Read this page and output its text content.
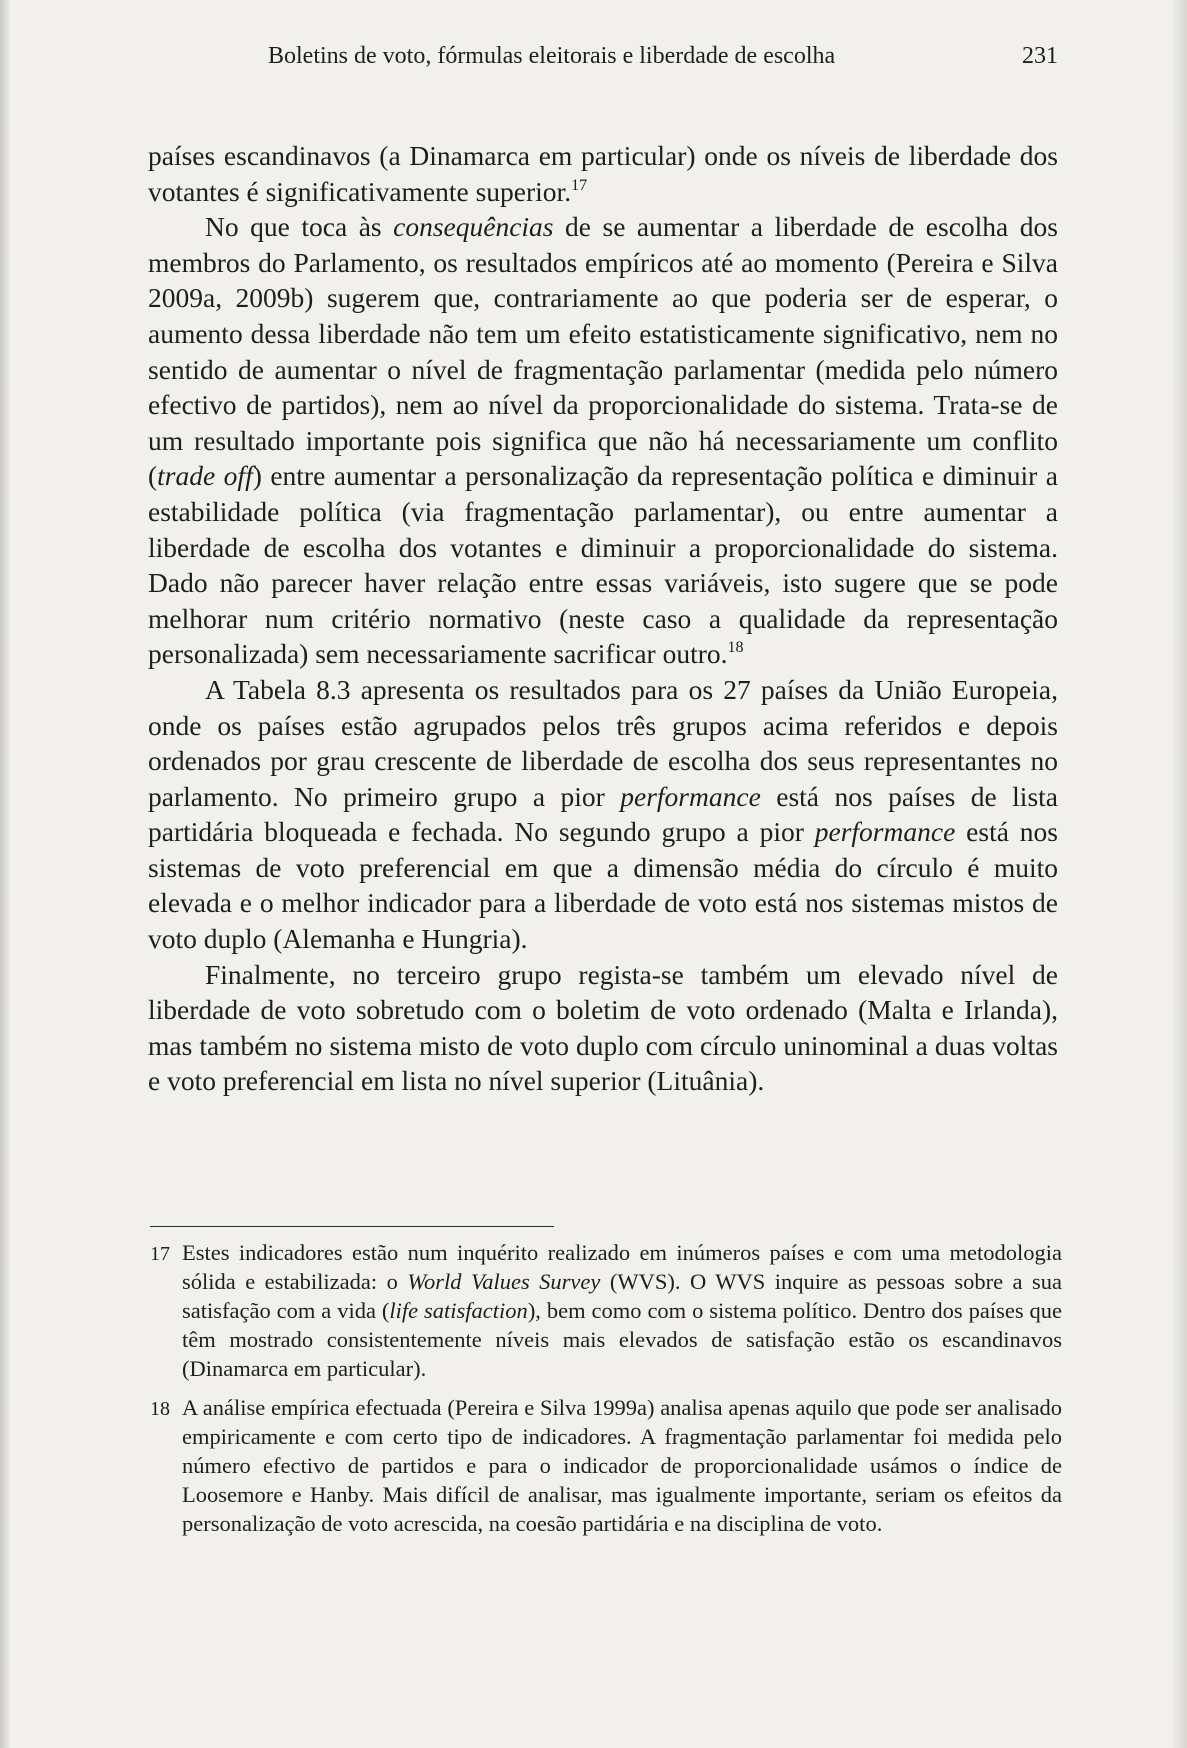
Boletins de voto, fórmulas eleitorais e liberdade de escolha	231

países escandinavos (a Dinamarca em particular) onde os níveis de liberdade dos votantes é significativamente superior.$^{17}$

No que toca às consequências de se aumentar a liberdade de escolha dos membros do Parlamento, os resultados empíricos até ao momento (Pereira e Silva 2009a, 2009b) sugerem que, contrariamente ao que poderia ser de esperar, o aumento dessa liberdade não tem um efeito estatisticamente significativo, nem no sentido de aumentar o nível de fragmentação parlamentar (medida pelo número efectivo de partidos), nem ao nível da proporcionalidade do sistema. Trata-se de um resultado importante pois significa que não há necessariamente um conflito (trade off) entre aumentar a personalização da representação política e diminuir a estabilidade política (via fragmentação parlamentar), ou entre aumentar a liberdade de escolha dos votantes e diminuir a proporcionalidade do sistema. Dado não parecer haver relação entre essas variáveis, isto sugere que se pode melhorar num critério normativo (neste caso a qualidade da representação personalizada) sem necessariamente sacrificar outro.$^{18}$

A Tabela 8.3 apresenta os resultados para os 27 países da União Europeia, onde os países estão agrupados pelos três grupos acima referidos e depois ordenados por grau crescente de liberdade de escolha dos seus representantes no parlamento. No primeiro grupo a pior performance está nos países de lista partidária bloqueada e fechada. No segundo grupo a pior performance está nos sistemas de voto preferencial em que a dimensão média do círculo é muito elevada e o melhor indicador para a liberdade de voto está nos sistemas mistos de voto duplo (Alemanha e Hungria).

Finalmente, no terceiro grupo regista-se também um elevado nível de liberdade de voto sobretudo com o boletim de voto ordenado (Malta e Irlanda), mas também no sistema misto de voto duplo com círculo uninominal a duas voltas e voto preferencial em lista no nível superior (Lituânia).

17 Estes indicadores estão num inquérito realizado em inúmeros países e com uma metodologia sólida e estabilizada: o World Values Survey (WVS). O WVS inquire as pessoas sobre a sua satisfação com a vida (life satisfaction), bem como com o sistema político. Dentro dos países que têm mostrado consistentemente níveis mais elevados de satisfação estão os escandinavos (Dinamarca em particular).
18 A análise empírica efectuada (Pereira e Silva 1999a) analisa apenas aquilo que pode ser analisado empiricamente e com certo tipo de indicadores. A fragmentação parlamentar foi medida pelo número efectivo de partidos e para o indicador de proporcionalidade usámos o índice de Loosemore e Hanby. Mais difícil de analisar, mas igualmente importante, seriam os efeitos da personalização de voto acrescida, na coesão partidária e na disciplina de voto.
